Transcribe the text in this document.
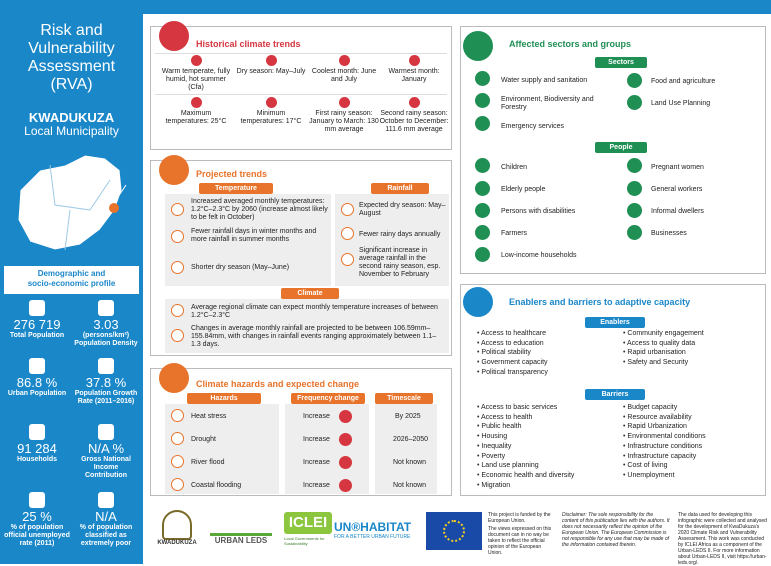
Risk and
Vulnerability
Assessment
(RVA)
KWADUKUZA
Local Municipality
Demographic and
socio-economic profile
276 719
Total Population
3.03
(persons/km²) Population Density
86.8 %
Urban Population
37.8 %
Population Growth Rate (2011–2016)
91 284
Households
N/A %
Gross National Income Contribution
25 %
% of population official unemployed rate (2011)
N/A
% of population classified as extremely poor
Historical climate trends
Warm temperate, fully humid, hot summer (Cfa)
Dry season: May–July Coolest month: June and July
Warmest month: January
Maximum temperatures: 25°C
Minimum temperatures: 17°C
First rainy season: January to March: 130 mm average
Second rainy season: October to December: 111.6 mm average
Projected trends
Temperature	Rainfall
Increased averaged monthly temperatures: 1.2°C–2.3°C by 2060 (increase almost likely to be felt in October)
Fewer rainfall days in winter months and more rainfall in summer months
Shorter dry season (May–June)
Expected dry season: May–August
Fewer rainy days annually
Significant increase in average rainfall in the second rainy season, esp. November to February
Climate
Average regional climate can expect monthly temperature increases of between 1.2°C–2.3°C
Changes in average monthly rainfall are projected to be between 106.59mm–155.84mm, with changes in rainfall events ranging approximately between 1.1–1.3 days.
Climate hazards and expected change
Hazards	Frequency change	Timescale
Heat stress	Increase	By 2025
Drought	Increase	2026–2050
River flood	Increase	Not known
Coastal flooding	Increase	Not known
Affected sectors and groups
Sectors
Water supply and sanitation
Environment, Biodiversity and Forestry
Emergency services
Food and agriculture
Land Use Planning
People
Children
Elderly people
Persons with disabilities
Farmers
Low-income households
Pregnant women
General workers
Informal dwellers
Businesses
Enablers and barriers to adaptive capacity
Enablers
• Access to healthcare
• Access to education
• Political stability
• Government capacity
• Political transparency
• Community engagement
• Access to quality data
• Rapid urbanisation
• Safety and Security
Barriers
• Access to basic services
• Access to health
• Public health
• Housing
• Inequality
• Poverty
• Land use planning
• Economic health and diversity
• Migration
• Budget capacity
• Resource availability
• Rapid Urbanization
• Environmental conditions
• Infrastructure conditions
• Infrastructure capacity
• Cost of living
• Unemployment
KWADUKUZA	URBAN LEDS
ICLEI
Local Governments for Sustainability
UN®HABITAT
FOR A BETTER URBAN FUTURE
This project is funded by the European Union.
The views expressed on this document can in no way be taken to reflect the official opinion of the European Union.
Disclaimer: The sole responsibility for the content of this publication lies with the authors. It does not necessarily reflect the opinion of the European Union. The European Commission is not responsible for any use that may be made of the information contained therein.
The data used for developing this infographic were collected and analysed for the development of KwaDukuza's 2020 Climate Risk and Vulnerability Assessment. This work was conducted by ICLEI Africa as a component of the Urban-LEDS II. For more information about Urban-LEDS II, visit https://urban-leds.org/.
